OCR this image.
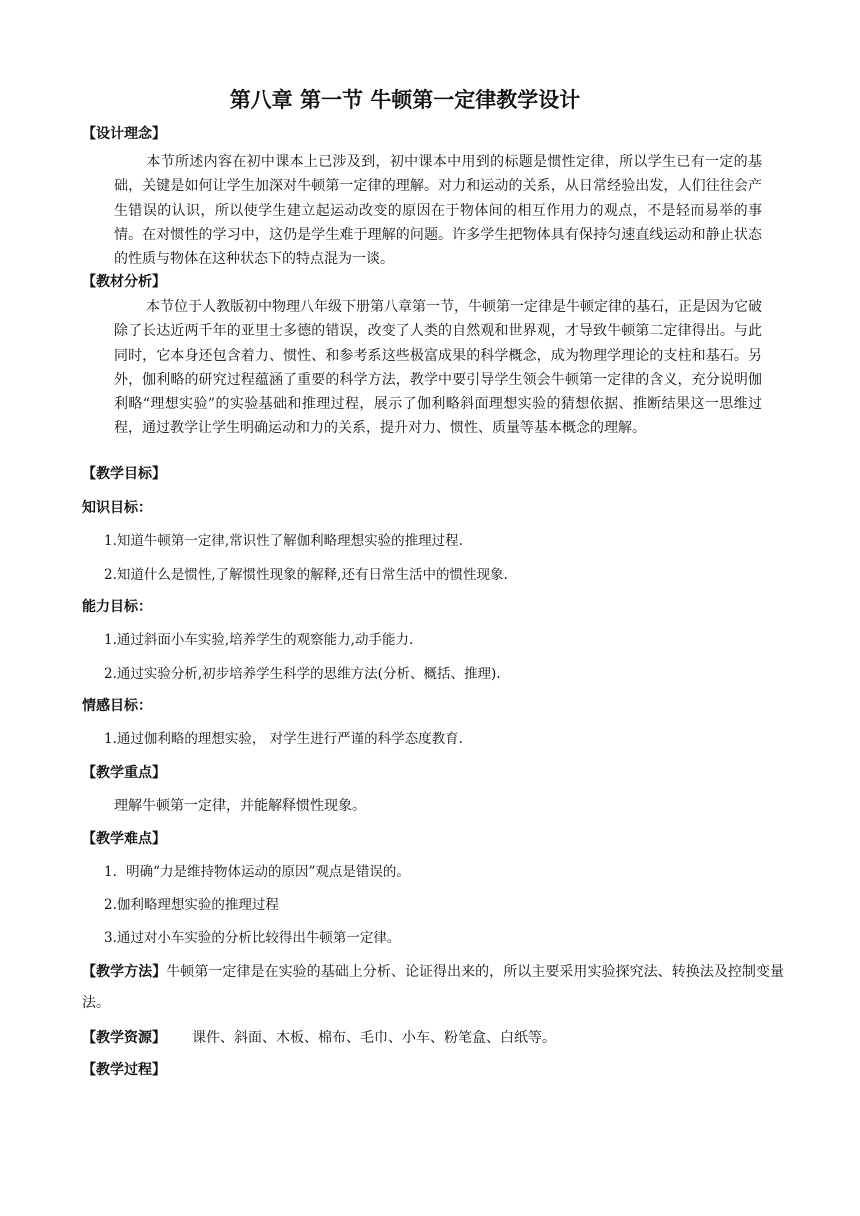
第八章 第一节 牛顿第一定律教学设计
【设计理念】
本节所述内容在初中课本上已涉及到，初中课本中用到的标题是惯性定律，所以学生已有一定的基础，关键是如何让学生加深对牛顿第一定律的理解。对力和运动的关系，从日常经验出发，人们往往会产生错误的认识，所以使学生建立起运动改变的原因在于物体间的相互作用力的观点，不是轻而易举的事情。在对惯性的学习中，这仍是学生难于理解的问题。许多学生把物体具有保持匀速直线运动和静止状态的性质与物体在这种状态下的特点混为一谈。
【教材分析】
本节位于人教版初中物理八年级下册第八章第一节，牛顿第一定律是牛顿定律的基石，正是因为它破除了长达近两千年的亚里士多德的错误，改变了人类的自然观和世界观，才导致牛顿第二定律得出。与此同时，它本身还包含着力、惯性、和参考系这些极富成果的科学概念，成为物理学理论的支柱和基石。另外，伽利略的研究过程蕴涵了重要的科学方法，教学中要引导学生领会牛顿第一定律的含义，充分说明伽利略“理想实验”的实验基础和推理过程，展示了伽利略斜面理想实验的猜想依据、推断结果这一思维过程，通过教学让学生明确运动和力的关系，提升对力、惯性、质量等基本概念的理解。
【教学目标】
知识目标：
1.知道牛顿第一定律,常识性了解伽利略理想实验的推理过程.
2.知道什么是惯性,了解惯性现象的解释,还有日常生活中的惯性现象.
能力目标：
1.通过斜面小车实验,培养学生的观察能力,动手能力.
2.通过实验分析,初步培养学生科学的思维方法(分析、概括、推理).
情感目标：
1.通过伽利略的理想实验， 对学生进行严谨的科学态度教育.
【教学重点】
理解牛顿第一定律，并能解释惯性现象。
【教学难点】
1．明确“力是维持物体运动的原因”观点是错误的。
2.伽利略理想实验的推理过程
3.通过对小车实验的分析比较得出牛顿第一定律。
【教学方法】牛顿第一定律是在实验的基础上分析、论证得出来的，所以主要采用实验探究法、转换法及控制变量法。
【教学资源】 课件、斜面、木板、棉布、毛巾、小车、粉笔盒、白纸等。
【教学过程】
